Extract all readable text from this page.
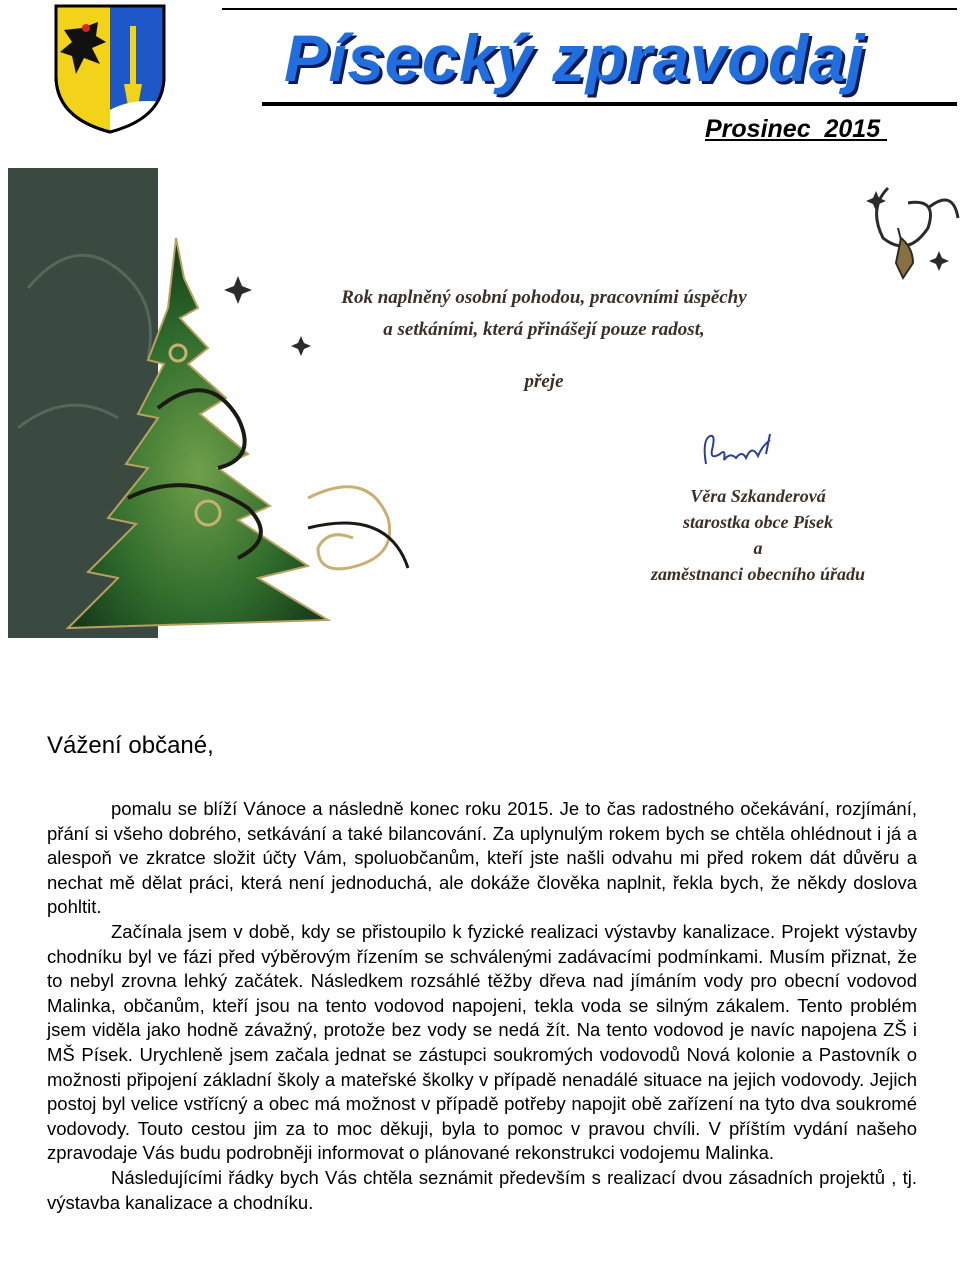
Písecký zpravodaj
Prosinec  2015
Rok naplněný osobní pohodou, pracovními úspěchy
a setkáními, která přinášejí pouze radost,
přeje
Věra Szkanderová
starostka obce Písek
a
zaměstnanci obecního úřadu
Vážení občané,

pomalu se blíží Vánoce a následně konec roku 2015. Je to čas radostného očekávání, rozjímání, přání si všeho dobrého, setkávání a také bilancování. Za uplynulým rokem bych se chtěla ohlédnout i já a alespoň ve zkratce složit účty Vám, spoluobčanům, kteří jste našli odvahu mi před rokem dát důvěru a nechat mě dělat práci, která není jednoduchá, ale dokáže člověka naplnit, řekla bych, že někdy doslova pohltit.

Začínala jsem v době, kdy se přistoupilo k fyzické realizaci výstavby kanalizace. Projekt výstavby chodníku byl ve fázi před výběrovým řízením se schválenými zadávacími podmínkami. Musím přiznat, že to nebyl zrovna lehký začátek. Následkem rozsáhlé těžby dřeva nad jímáním vody pro obecní vodovod Malinka, občanům, kteří jsou na tento vodovod napojeni, tekla voda se silným zákalem. Tento problém jsem viděla jako hodně závažný, protože bez vody se nedá žít. Na tento vodovod je navíc napojena ZŠ i MŠ Písek. Urychleně jsem začala jednat se zástupci soukromých vodovodů Nová kolonie a Pastovník o možnosti připojení základní školy a mateřské školky v případě nenadálé situace na jejich vodovody. Jejich postoj byl velice vstřícný a obec má možnost v případě potřeby napojit obě zařízení na tyto dva soukromé vodovody. Touto cestou jim za to moc děkuji, byla to pomoc v pravou chvíli. V příštím vydání našeho zpravodaje Vás budu podrobněji informovat o plánované rekonstrukci vodojemu Malinka.

Následujícími řádky bych Vás chtěla seznámit především s realizací dvou zásadních projektů , tj. výstavba kanalizace a chodníku.
